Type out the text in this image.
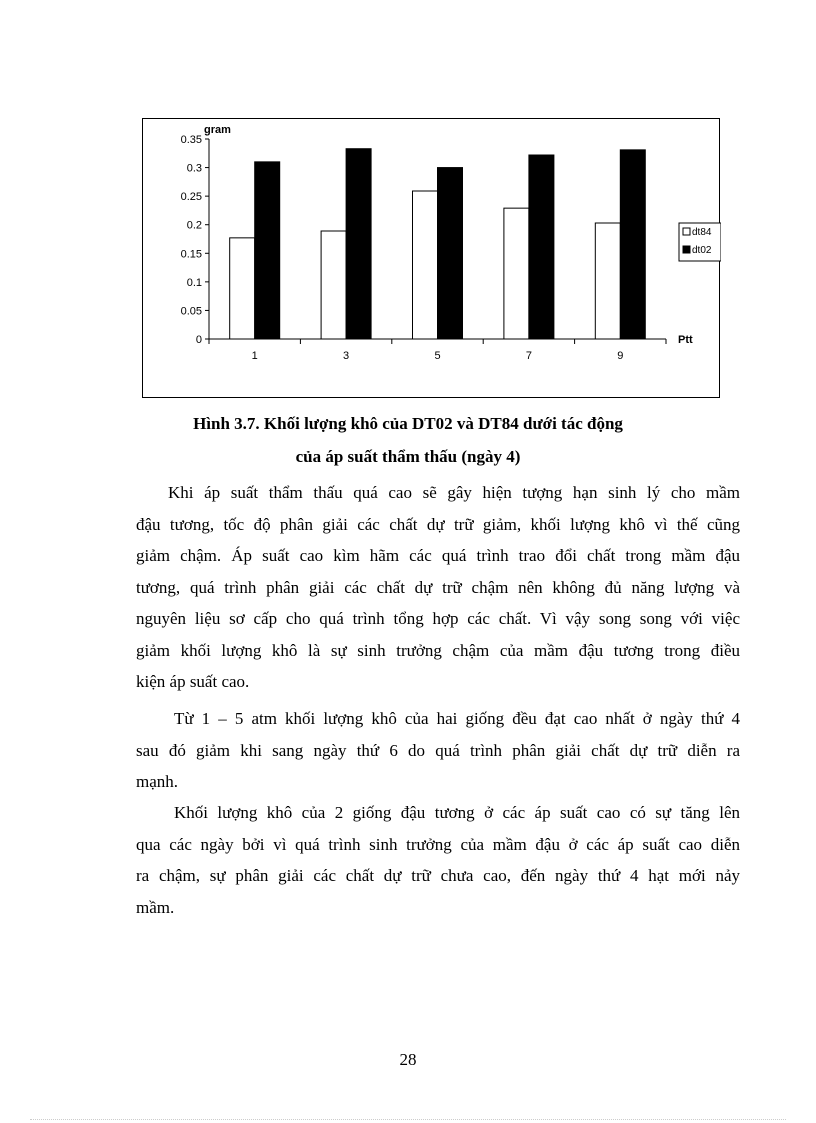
0
0.05
0.1
0.15
0.2
0.25
0.3
0.35
gram
Ptt
1	3	5	7	9
dt84
dt02
Hình 3.7. Khối lượng khô của DT02 và DT84 dưới tác động
của áp suất thẩm thấu (ngày 4)
Khi áp suất thẩm thấu quá cao sẽ gây hiện tượng hạn sinh lý cho mầm
đậu tương, tốc độ phân giải các chất dự trữ giảm, khối lượng khô vì thế cũng
giảm chậm. Áp suất cao kìm hãm các quá trình trao đổi chất trong mầm đậu
tương, quá trình phân giải các chất dự trữ chậm nên không đủ năng lượng và
nguyên liệu sơ cấp cho quá trình tổng hợp các chất. Vì vậy song song với việc
giảm khối lượng khô là sự sinh trưởng chậm của mầm đậu tương trong điều
kiện áp suất cao.
Từ 1 – 5 atm khối lượng khô của hai giống đều đạt cao nhất ở ngày thứ 4
sau đó giảm khi sang ngày thứ 6 do quá trình phân giải chất dự trữ diễn ra
mạnh.
Khối lượng khô của 2 giống đậu tương ở các áp suất cao có sự tăng lên
qua các ngày bởi vì quá trình sinh trưởng của mầm đậu ở các áp suất cao diễn
ra chậm, sự phân giải các chất dự trữ chưa cao, đến ngày thứ 4 hạt mới nảy
mầm.
28
